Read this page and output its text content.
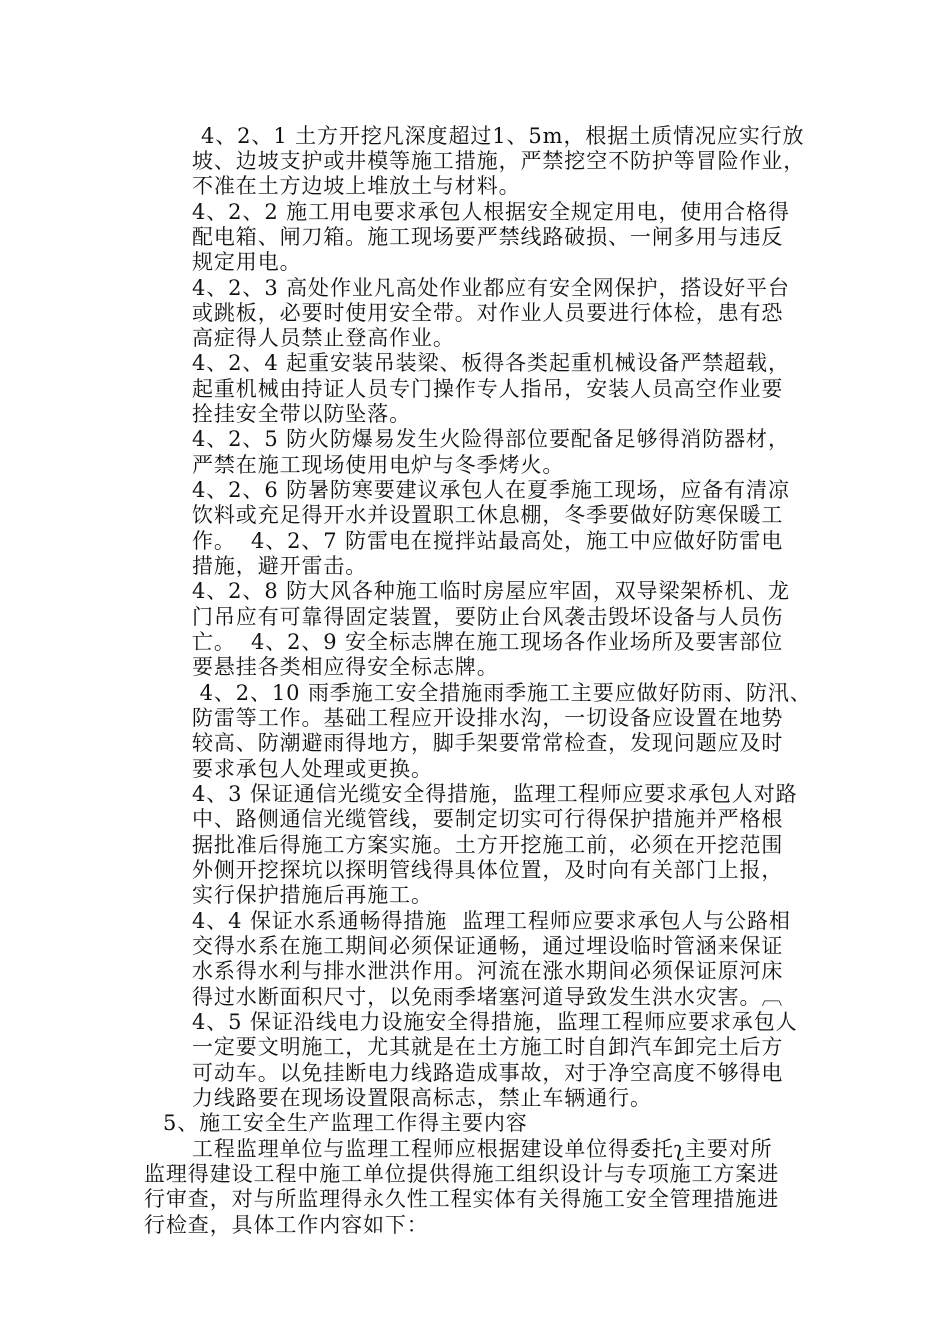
4、2、1 土方开挖凡深度超过1、5m，根据土质情况应实行放
坡、边坡支护或井模等施工措施，严禁挖空不防护等冒险作业，
不准在土方边坡上堆放土与材料。
4、2、2 施工用电要求承包人根据安全规定用电，使用合格得
配电箱、闸刀箱。施工现场要严禁线路破损、一闸多用与违反
规定用电。
4、2、3 高处作业凡高处作业都应有安全网保护，搭设好平台
或跳板，必要时使用安全带。对作业人员要进行体检，患有恐
高症得人员禁止登高作业。
4、2、4 起重安装吊装梁、板得各类起重机械设备严禁超载，
起重机械由持证人员专门操作专人指吊，安装人员高空作业要
拴挂安全带以防坠落。
4、2、5 防火防爆易发生火险得部位要配备足够得消防器材，
严禁在施工现场使用电炉与冬季烤火。
4、2、6 防暑防寒要建议承包人在夏季施工现场，应备有清凉
饮料或充足得开水并设置职工休息棚，冬季要做好防寒保暖工
作。  4、2、7 防雷电在搅拌站最高处，施工中应做好防雷电
措施，避开雷击。
4、2、8 防大风各种施工临时房屋应牢固，双导梁架桥机、龙
门吊应有可靠得固定装置，要防止台风袭击毁坏设备与人员伤
亡。  4、2、9 安全标志牌在施工现场各作业场所及要害部位
要悬挂各类相应得安全标志牌。
4、2、10 雨季施工安全措施雨季施工主要应做好防雨、防汛、
防雷等工作。基础工程应开设排水沟，一切设备应设置在地势
较高、防潮避雨得地方，脚手架要常常检查，发现问题应及时
要求承包人处理或更换。
4、3 保证通信光缆安全得措施，监理工程师应要求承包人对路
中、路侧通信光缆管线，要制定切实可行得保护措施并严格根
据批准后得施工方案实施。土方开挖施工前，必须在开挖范围
外侧开挖探坑以探明管线得具体位置，及时向有关部门上报，
实行保护措施后再施工。
4、4 保证水系通畅得措施  监理工程师应要求承包人与公路相
交得水系在施工期间必须保证通畅，通过埋设临时管涵来保证
水系得水利与排水泄洪作用。河流在涨水期间必须保证原河床
得过水断面积尺寸，以免雨季堵塞河道导致发生洪水灾害。︹
4、5 保证沿线电力设施安全得措施，监理工程师应要求承包人
一定要文明施工，尤其就是在土方施工时自卸汽车卸完土后方
可动车。以免挂断电力线路造成事故，对于净空高度不够得电
力线路要在现场设置限高标志，禁止车辆通行。
5、施工安全生产监理工作得主要内容
工程监理单位与监理工程师应根据建设单位得委托ʅ主要对所
监理得建设工程中施工单位提供得施工组织设计与专项施工方案进
行审查，对与所监理得永久性工程实体有关得施工安全管理措施进
行检查，具体工作内容如下：
